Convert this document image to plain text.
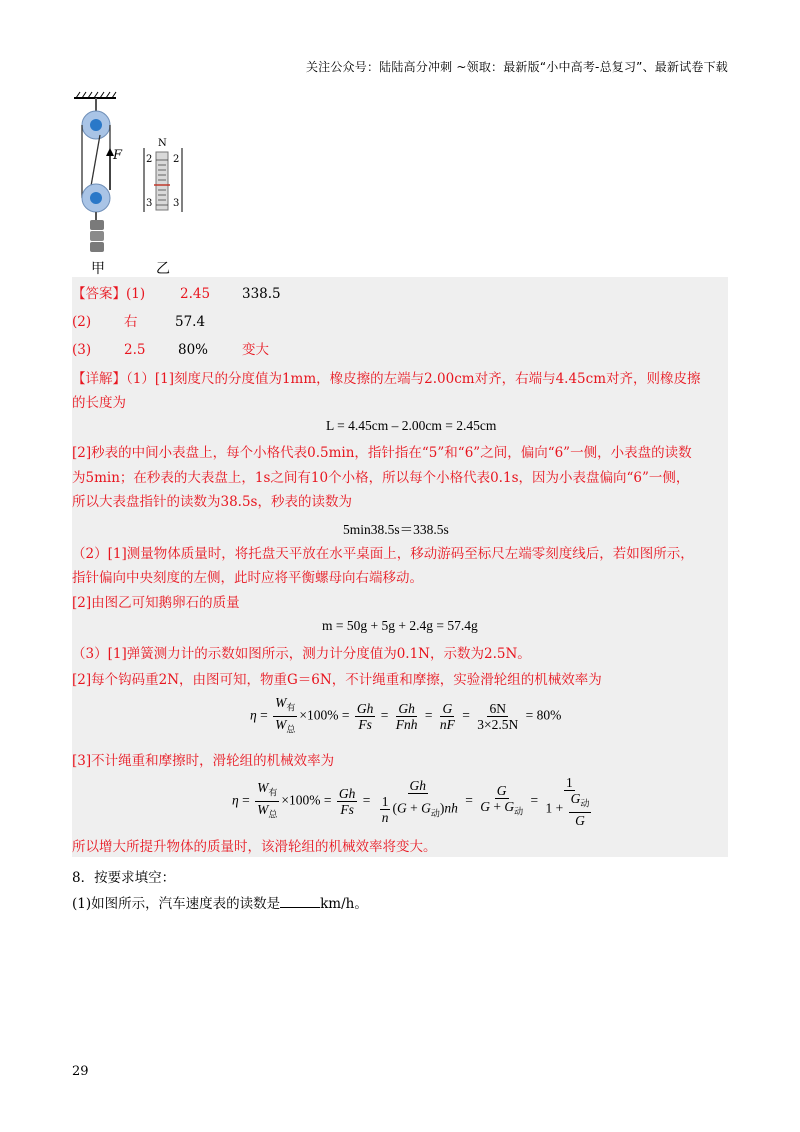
关注公众号：陆陆高分冲刺 ~领取：最新版“小中高考-总复习”、最新试卷下载
F
N
2 2
3 3
甲	乙
【答案】(1)	2.45 338.5
(2) 右	57.4
(3) 2.5 80%	变大
【详解】（1）[1]刻度尺的分度值为1mm，橡皮擦的左端与2.00cm对齐，右端与4.45cm对齐，则橡皮擦
的长度为
L = 4.45cm – 2.00cm = 2.45cm
[2]秒表的中间小表盘上，每个小格代表0.5min，指针指在“5”和“6”之间，偏向“6”一侧，小表盘的读数
为5min；在秒表的大表盘上，1s之间有10个小格，所以每个小格代表0.1s，因为小表盘偏向“6”一侧，
所以大表盘指针的读数为38.5s，秒表的读数为
5min38.5s＝338.5s
（2）[1]测量物体质量时，将托盘天平放在水平桌面上，移动游码至标尺左端零刻度线后，若如图所示，
指针偏向中央刻度的左侧，此时应将平衡螺母向右端移动。
[2]由图乙可知鹅卵石的质量
m = 50g + 5g + 2.4g = 57.4g
（3）[1]弹簧测力计的示数如图所示，测力计分度值为0.1N，示数为2.5N。
[2]每个钩码重2N，由图可知，物重G＝6N，不计绳重和摩擦，实验滑轮组的机械效率为
$\eta = \frac{W_有}{W_总} \times 100\% = \frac{Gh}{Fs} = \frac{Gh}{\text{Fnh}} = \frac{G}{nF} = \frac{6N}{3\times 2.5N} = 80\%$
[3]不计绳重和摩擦时，滑轮组的机械效率为
$\eta = \frac{W_有}{W_总} \times 100\% = \frac{Gh}{Fs} = \frac{Gh}{\frac{1}{n} (G + G_动)nh} = \frac{G}{G + G_动} = \frac{1}{1 + \frac{G_动}{G}}$
所以增大所提升物体的质量时，该滑轮组的机械效率将变大。
8．按要求填空：
(1)如图所示，汽车速度表的读数是	km/h。
29
